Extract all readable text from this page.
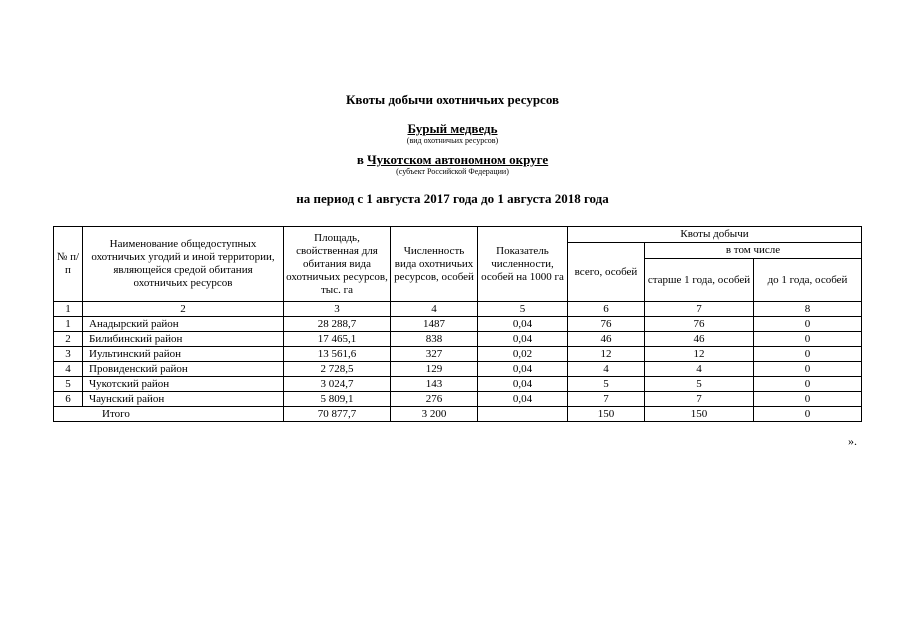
Квоты добычи охотничьих ресурсов
Бурый медведь
(вид охотничьих ресурсов)
в Чукотском автономном округе
(субъект Российской Федерации)
на период с 1 августа 2017 года до 1 августа 2018 года
№ п/п	Наименование общедоступных охотничьих угодий и иной территории, являющейся средой обитания охотничьих ресурсов	Площадь, свойственная для обитания вида охотничьих ресурсов, тыс. га	Численность вида охотничьих ресурсов, особей	Показатель численности, особей на 1000 га	Квоты добычи		
					всего, особей	в том числе	
						старше 1 года, особей	до 1 года, особей
1	2	3	4	5	6	7	8
1	Анадырский район	28 288,7	1487	0,04	76	76	0
2	Билибинский район	17 465,1	838	0,04	46	46	0
3	Иультинский район	13 561,6	327	0,02	12	12	0
4	Провиденский район	2 728,5	129	0,04	4	4	0
5	Чукотский район	3 024,7	143	0,04	5	5	0
6	Чаунский район	5 809,1	276	0,04	7	7	0
Итого		70 877,7	3 200		150	150	0
».
